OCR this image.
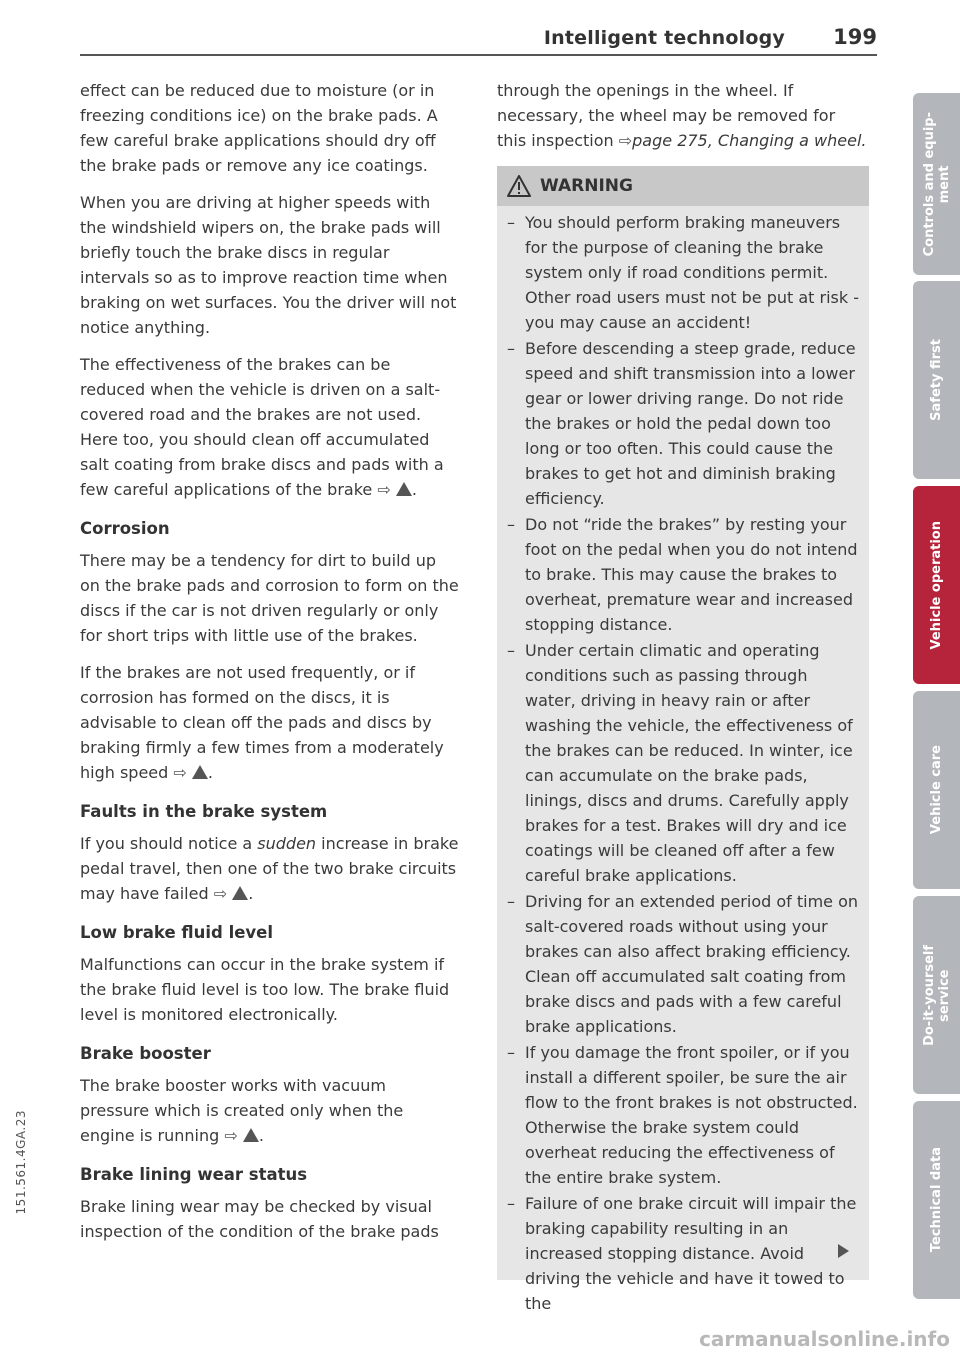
Intelligent technology 199

effect can be reduced due to moisture (or in freezing conditions ice) on the brake pads. A few careful brake applications should dry off the brake pads or remove any ice coatings.

When you are driving at higher speeds with the windshield wipers on, the brake pads will briefly touch the brake discs in regular intervals so as to improve reaction time when braking on wet surfaces. You the driver will not notice anything.

The effectiveness of the brakes can be reduced when the vehicle is driven on a salt-covered road and the brakes are not used. Here too, you should clean off accumulated salt coating from brake discs and pads with a few careful applications of the brake ⇨ .

Corrosion

There may be a tendency for dirt to build up on the brake pads and corrosion to form on the discs if the car is not driven regularly or only for short trips with little use of the brakes.

If the brakes are not used frequently, or if corrosion has formed on the discs, it is advisable to clean off the pads and discs by braking firmly a few times from a moderately high speed ⇨ .

Faults in the brake system

If you should notice a sudden increase in brake pedal travel, then one of the two brake circuits may have failed ⇨ .

Low brake fluid level

Malfunctions can occur in the brake system if the brake fluid level is too low. The brake fluid level is monitored electronically.

Brake booster

The brake booster works with vacuum pressure which is created only when the engine is running ⇨ .

Brake lining wear status

Brake lining wear may be checked by visual inspection of the condition of the brake pads

through the openings in the wheel. If necessary, the wheel may be removed for this inspection ⇨page 275, Changing a wheel.

WARNING
– You should perform braking maneuvers for the purpose of cleaning the brake system only if road conditions permit. Other road users must not be put at risk - you may cause an accident!
– Before descending a steep grade, reduce speed and shift transmission into a lower gear or lower driving range. Do not ride the brakes or hold the pedal down too long or too often. This could cause the brakes to get hot and diminish braking efficiency.
– Do not “ride the brakes” by resting your foot on the pedal when you do not intend to brake. This may cause the brakes to overheat, premature wear and increased stopping distance.
– Under certain climatic and operating conditions such as passing through water, driving in heavy rain or after washing the vehicle, the effectiveness of the brakes can be reduced. In winter, ice can accumulate on the brake pads, linings, discs and drums. Carefully apply brakes for a test. Brakes will dry and ice coatings will be cleaned off after a few careful brake applications.
– Driving for an extended period of time on salt-covered roads without using your brakes can also affect braking efficiency. Clean off accumulated salt coating from brake discs and pads with a few careful brake applications.
– If you damage the front spoiler, or if you install a different spoiler, be sure the air flow to the front brakes is not obstructed. Otherwise the brake system could overheat reducing the effectiveness of the entire brake system.
– Failure of one brake circuit will impair the braking capability resulting in an increased stopping distance. Avoid driving the vehicle and have it towed to the
Controls and equip-
ment
Safety first
Vehicle operation
Vehicle care
Do-it-yourself
service
Technical data
151.561.4GA.23
carmanualsonline.info
